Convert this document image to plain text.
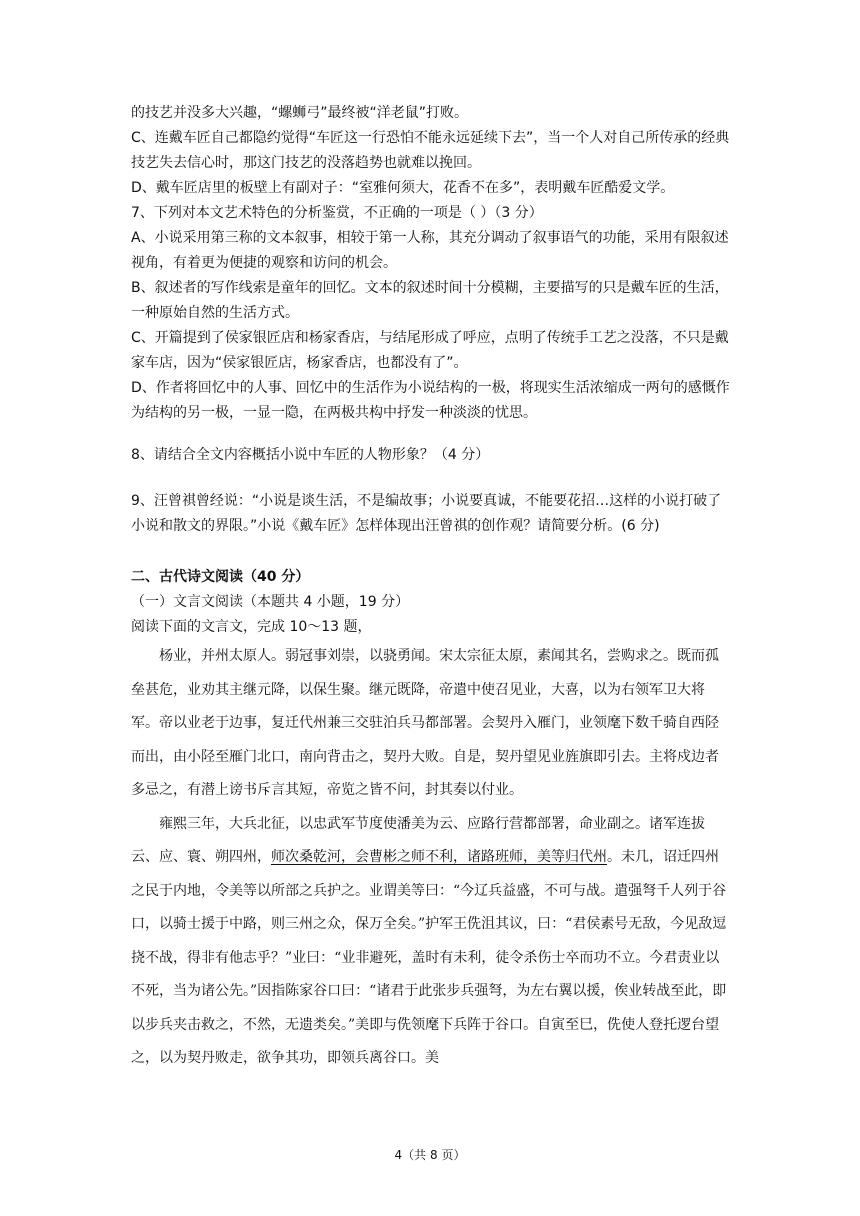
的技艺并没多大兴趣，“螺蛳弓”最终被“洋老鼠”打败。

C、连戴车匠自己都隐约觉得“车匠这一行恐怕不能永远延续下去”，当一个人对自己所传承的经典技艺失去信心时，那这门技艺的没落趋势也就难以挽回。

D、戴车匠店里的板壁上有副对子：“室雅何须大，花香不在多”，表明戴车匠酷爱文学。

7、下列对本文艺术特色的分析鉴赏，不正确的一项是（ ）（3 分）

A、小说采用第三称的文本叙事，相较于第一人称，其充分调动了叙事语气的功能，采用有限叙述视角，有着更为便捷的观察和访问的机会。

B、叙述者的写作线索是童年的回忆。文本的叙述时间十分模糊，主要描写的只是戴车匠的生活，一种原始自然的生活方式。

C、开篇提到了侯家银匠店和杨家香店，与结尾形成了呼应，点明了传统手工艺之没落，不只是戴家车店，因为“侯家银匠店，杨家香店，也都没有了”。

D、作者将回忆中的人事、回忆中的生活作为小说结构的一极，将现实生活浓缩成一两句的感慨作为结构的另一极，一显一隐，在两极共构中抒发一种淡淡的忧思。

8、请结合全文内容概括小说中车匠的人物形象？（4 分）

9、汪曾祺曾经说：“小说是谈生活，不是编故事；小说要真诚，不能要花招…这样的小说打破了小说和散文的界限。”小说《戴车匠》怎样体现出汪曾祺的创作观？请简要分析。(6 分)

二、古代诗文阅读（40 分）

（一）文言文阅读（本题共 4 小题，19 分）

阅读下面的文言文，完成 10～13 题，

杨业，并州太原人。弱冠事刘崇，以骁勇闻。宋太宗征太原，素闻其名，尝购求之。既而孤垒甚危，业劝其主继元降，以保生聚。继元既降，帝遣中使召见业，大喜，以为右领军卫大将军。帝以业老于边事，复迁代州兼三交驻泊兵马都部署。会契丹入雁门，业领麾下数千骑自西陉而出，由小陉至雁门北口，南向背击之，契丹大败。自是，契丹望见业旌旗即引去。主将戍边者多忌之，有潜上谤书斥言其短，帝览之皆不问，封其奏以付业。

雍熙三年，大兵北征，以忠武军节度使潘美为云、应路行营都部署，命业副之。诸军连拔云、应、寰、朔四州，师次桑乾河，会曹彬之师不利，诸路班师，美等归代州。未几，诏迁四州之民于内地，令美等以所部之兵护之。业谓美等曰：“今辽兵益盛，不可与战。遣强弩千人列于谷口，以骑士援于中路，则三州之众，保万全矣。”护军王侁沮其议，曰：“君侯素号无敌，今见敌逗挠不战，得非有他志乎？”业曰：“业非避死，盖时有未利，徒令杀伤士卒而功不立。今君责业以不死，当为诸公先。”因指陈家谷口曰：“诸君于此张步兵强弩，为左右翼以援，俟业转战至此，即以步兵夹击救之，不然，无遗类矣。”美即与侁领麾下兵阵于谷口。自寅至巳，侁使人登托逻台望之，以为契丹败走，欲争其功，即领兵离谷口。美

4（共 8 页）
